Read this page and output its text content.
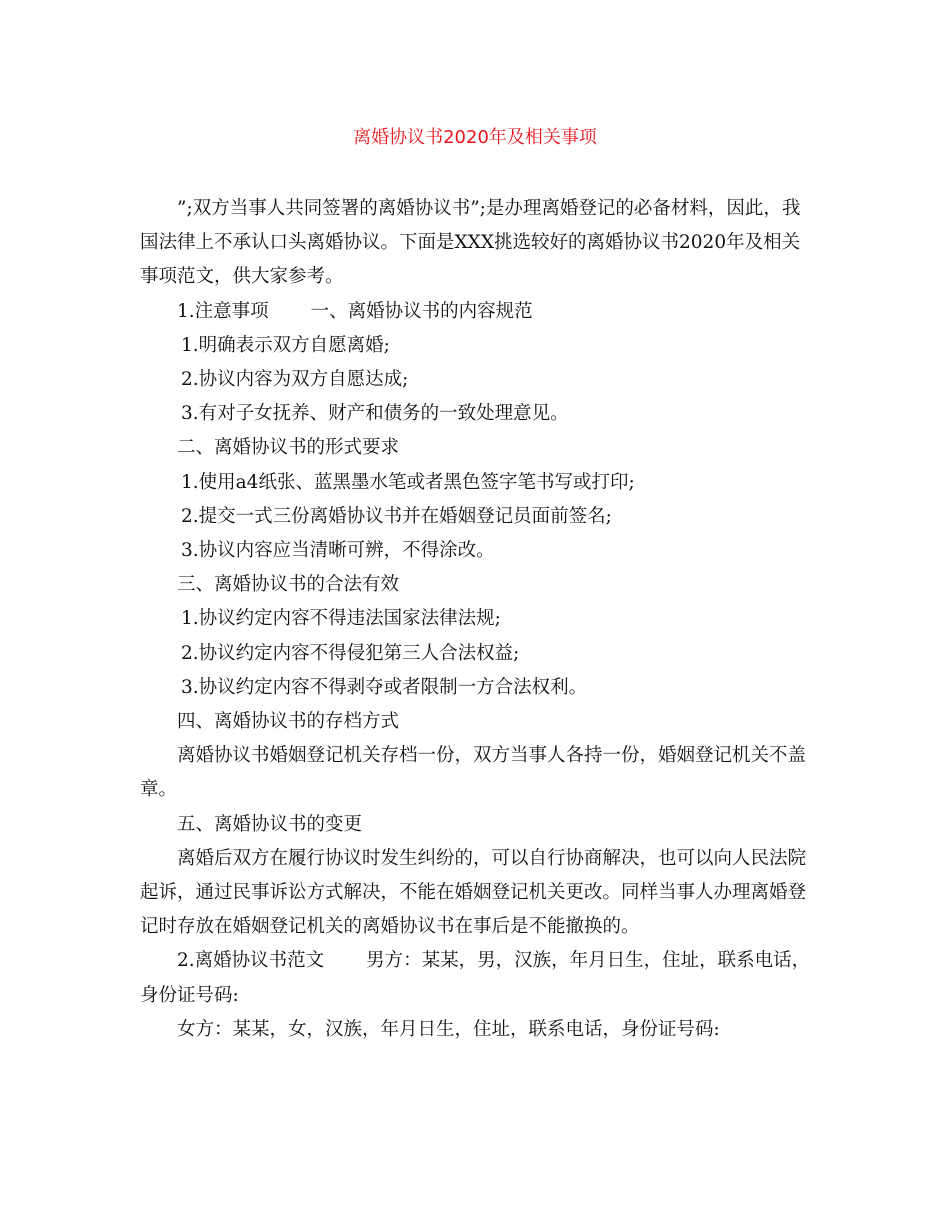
离婚协议书2020年及相关事项

”;双方当事人共同签署的离婚协议书”;是办理离婚登记的必备材料，因此，我国法律上不承认口头离婚协议。下面是XXX挑选较好的离婚协议书2020年及相关事项范文，供大家参考。

1.注意事项 一、离婚协议书的内容规范

1.明确表示双方自愿离婚;

2.协议内容为双方自愿达成;

3.有对子女抚养、财产和债务的一致处理意见。

二、离婚协议书的形式要求

1.使用a4纸张、蓝黑墨水笔或者黑色签字笔书写或打印;

2.提交一式三份离婚协议书并在婚姻登记员面前签名;

3.协议内容应当清晰可辨，不得涂改。

三、离婚协议书的合法有效

1.协议约定内容不得违法国家法律法规;

2.协议约定内容不得侵犯第三人合法权益;

3.协议约定内容不得剥夺或者限制一方合法权利。

四、离婚协议书的存档方式

离婚协议书婚姻登记机关存档一份，双方当事人各持一份，婚姻登记机关不盖章。

五、离婚协议书的变更

离婚后双方在履行协议时发生纠纷的，可以自行协商解决，也可以向人民法院起诉，通过民事诉讼方式解决，不能在婚姻登记机关更改。同样当事人办理离婚登记时存放在婚姻登记机关的离婚协议书在事后是不能撤换的。

2.离婚协议书范文 男方：某某，男，汉族，年月日生，住址，联系电话，身份证号码:

女方：某某，女，汉族，年月日生，住址，联系电话，身份证号码:
